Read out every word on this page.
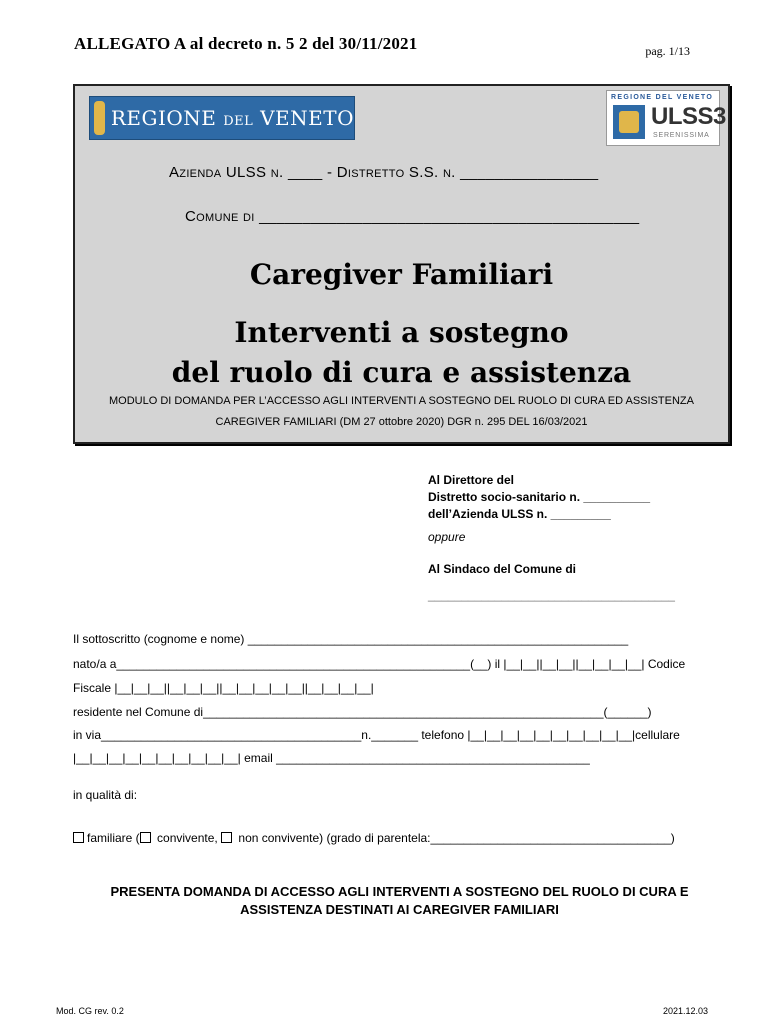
ALLEGATO A al decreto n. 5 2 del 30/11/2021	pag. 1/13
REGIONE DEL VENETO
REGIONE DEL VENETO
ULSS3
SERENISSIMA
Azienda ULSS n. ____ - Distretto S.S. n. ________________
Comune di ____________________________________________
Caregiver Familiari
Interventi a sostegno
del ruolo di cura e assistenza
MODULO DI DOMANDA PER L’ACCESSO AGLI INTERVENTI A SOSTEGNO DEL RUOLO DI CURA ED ASSISTENZA
CAREGIVER FAMILIARI (DM 27 ottobre 2020) DGR n. 295 DEL 16/03/2021
Al Direttore del
Distretto socio-sanitario n. __________
dell’Azienda ULSS n. _________
oppure
Al Sindaco del Comune di
_____________________________________
Il sottoscritto (cognome e nome) _________________________________________________________
nato/a a_____________________________________________________(__) il |__|__||__|__||__|__|__|__| Codice
Fiscale |__|__|__||__|__|__||__|__|__|__|__||__|__|__|__|
residente nel Comune di____________________________________________________________(______)
in via_______________________________________n._______ telefono |__|__|__|__|__|__|__|__|__|__|cellulare
|__|__|__|__|__|__|__|__|__|__| email _______________________________________________
in qualità di:
familiare ( convivente,  non convivente) (grado di parentela:____________________________________)
PRESENTA DOMANDA DI ACCESSO AGLI INTERVENTI A SOSTEGNO DEL RUOLO DI CURA E
ASSISTENZA DESTINATI AI CAREGIVER FAMILIARI
Mod. CG rev. 0.2	2021.12.03
